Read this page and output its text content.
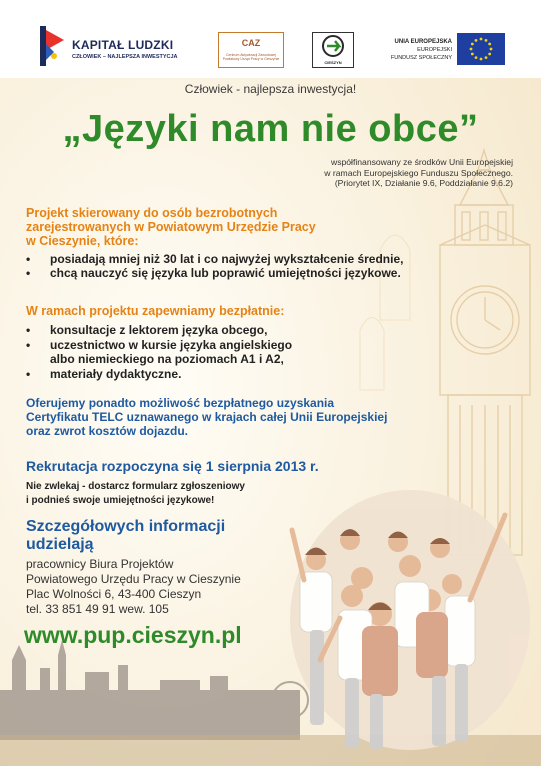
KAPITAŁ LUDZKI
CZŁOWIEK – NAJLEPSZA INWESTYCJA
CAZ
Centrum Aktywizacji Zawodowej Powiatowy Urząd Pracy w Cieszynie
CIESZYN
UNIA EUROPEJSKA
EUROPEJSKI
FUNDUSZ SPOŁECZNY
Człowiek - najlepsza inwestycja!
„Języki nam nie obce”
współfinansowany ze środków Unii Europejskiej
w ramach Europejskiego Funduszu Społecznego.
(Priorytet IX, Działanie 9.6, Poddziałanie 9.6.2)
Projekt skierowany do osób bezrobotnych
zarejestrowanych w Powiatowym Urzędzie Pracy
w Cieszynie, które:
• posiadają mniej niż 30 lat i co najwyżej wykształcenie średnie,
• chcą nauczyć się języka lub poprawić umiejętności językowe.
W ramach projektu zapewniamy bezpłatnie:
• konsultacje z lektorem języka obcego,
• uczestnictwo w kursie języka angielskiego
albo niemieckiego na poziomach A1 i A2,
• materiały dydaktyczne.
Oferujemy ponadto możliwość bezpłatnego uzyskania
Certyfikatu TELC uznawanego w krajach całej Unii Europejskiej
oraz zwrot kosztów dojazdu.
Rekrutacja rozpoczyna się 1 sierpnia 2013 r.
Nie zwlekaj - dostarcz formularz zgłoszeniowy
i podnieś swoje umiejętności językowe!
Szczegółowych informacji
udzielają
pracownicy Biura Projektów
Powiatowego Urzędu Pracy w Cieszynie
Plac Wolności 6, 43-400 Cieszyn
tel. 33 851 49 91 wew. 105
www.pup.cieszyn.pl
